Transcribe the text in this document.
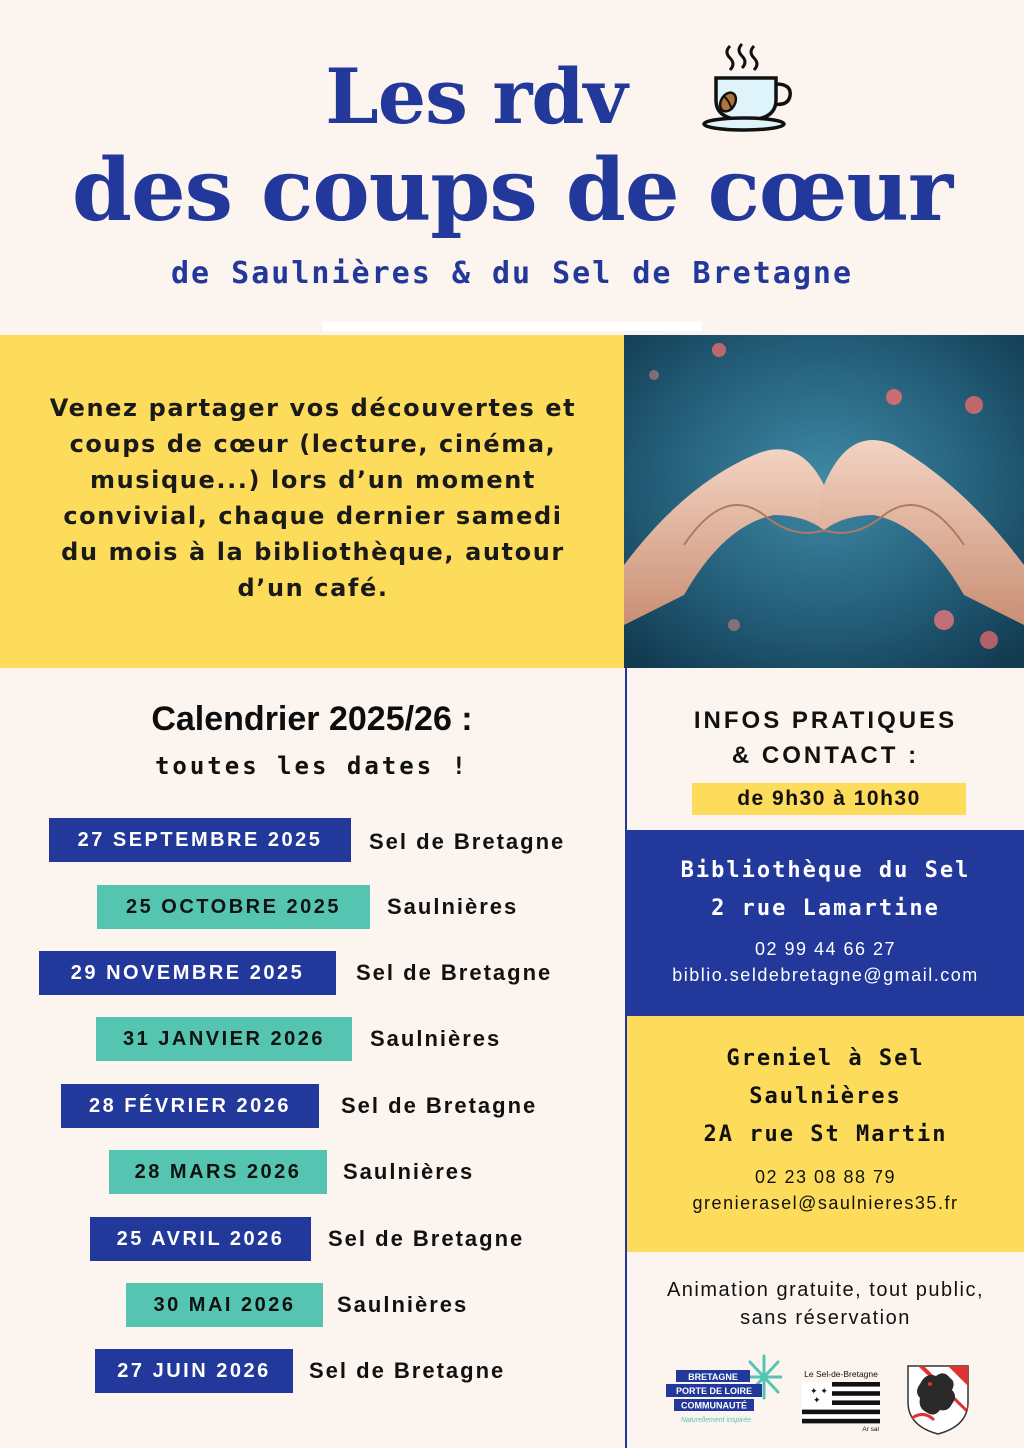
Les rdv
des coups de cœur
de Saulnières & du Sel de Bretagne
Venez partager vos découvertes et coups de cœur (lecture, cinéma, musique...) lors d’un moment convivial, chaque dernier samedi du mois à la bibliothèque, autour d’un café.
Calendrier 2025/26 :
toutes les dates !
27 SEPTEMBRE 2025	Sel de Bretagne
25 OCTOBRE 2025	Saulnières
29 NOVEMBRE 2025	Sel de Bretagne
31 JANVIER 2026	Saulnières
28 FÉVRIER 2026	Sel de Bretagne
28 MARS 2026	Saulnières
25 AVRIL 2026	Sel de Bretagne
30 MAI 2026	Saulnières
27 JUIN 2026	Sel de Bretagne
INFOS PRATIQUES
& CONTACT :
de 9h30 à 10h30
Bibliothèque du Sel
2 rue Lamartine
02 99 44 66 27
biblio.seldebretagne@gmail.com
Greniel à Sel
Saulnières
2A rue St Martin
02 23 08 88 79
grenierasel@saulnieres35.fr
Animation gratuite, tout public,
sans réservation
BRETAGNE
PORTE DE LOIRE
COMMUNAUTÉ
Naturellement inspirée
Le Sel-de-Bretagne
✦ ✦
✦
Ar sal
